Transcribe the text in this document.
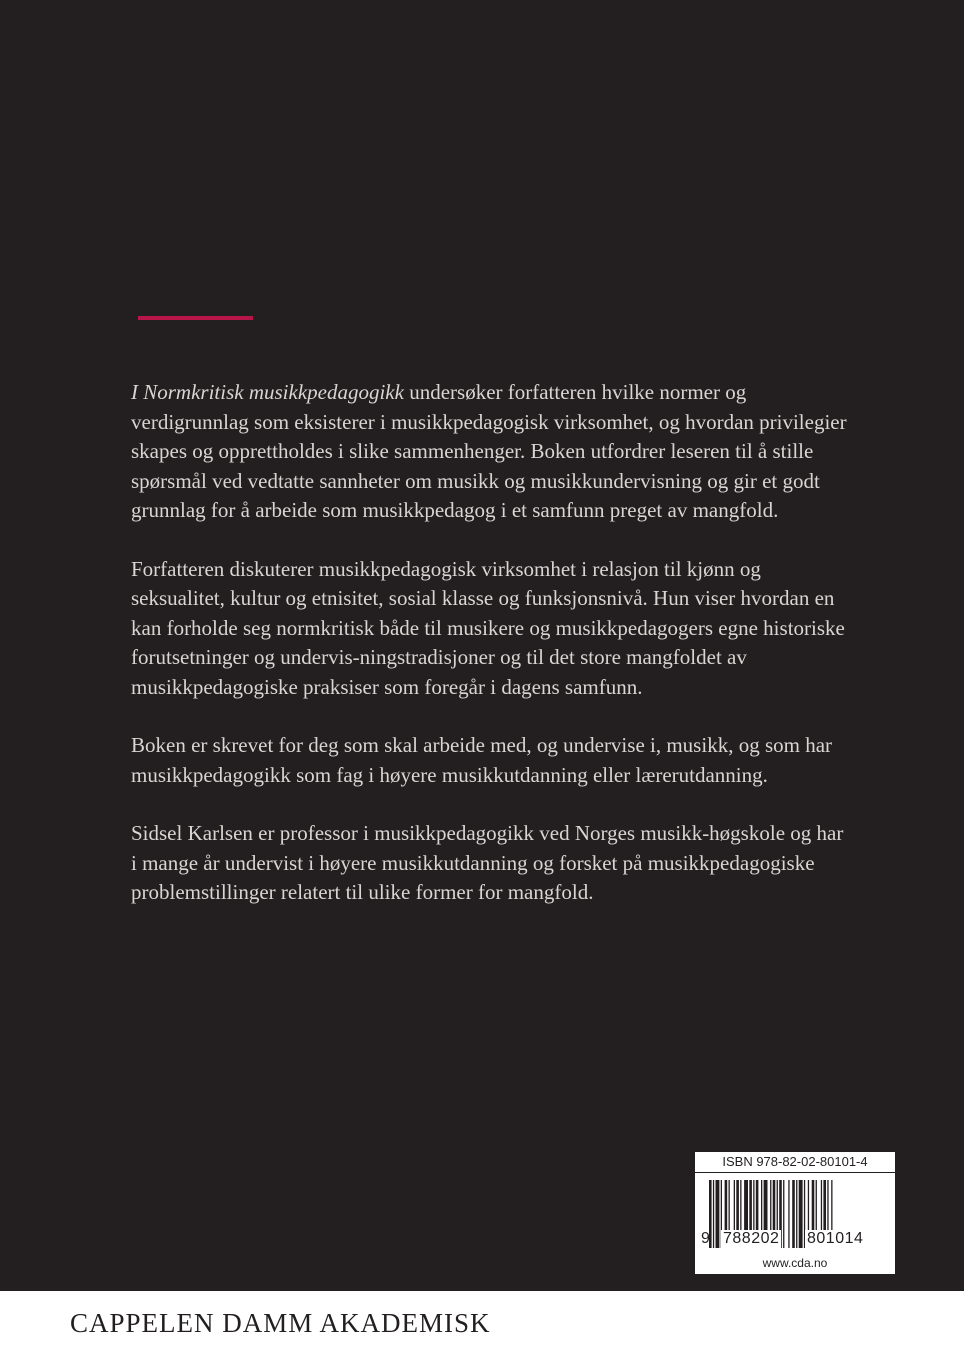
I Normkritisk musikkpedagogikk undersøker forfatteren hvilke normer og verdigrunnlag som eksisterer i musikkpedagogisk virksomhet, og hvordan privilegier skapes og opprettholdes i slike sammenhenger. Boken utfordrer leseren til å stille spørsmål ved vedtatte sannheter om musikk og musikkundervisning og gir et godt grunnlag for å arbeide som musikkpedagog i et samfunn preget av mangfold.

Forfatteren diskuterer musikkpedagogisk virksomhet i relasjon til kjønn og seksualitet, kultur og etnisitet, sosial klasse og funksjonsnivå. Hun viser hvordan en kan forholde seg normkritisk både til musikere og musikkpedagogers egne historiske forutsetninger og undervis-ningstradisjoner og til det store mangfoldet av musikkpedagogiske praksiser som foregår i dagens samfunn.

Boken er skrevet for deg som skal arbeide med, og undervise i, musikk, og som har musikkpedagogikk som fag i høyere musikkutdanning eller lærerutdanning.

Sidsel Karlsen er professor i musikkpedagogikk ved Norges musikk-høgskole og har i mange år undervist i høyere musikkutdanning og forsket på musikkpedagogiske problemstillinger relatert til ulike former for mangfold.

ISBN 978-82-02-80101-4
9 788202 801014
www.cda.no
CAPPELEN DAMM AKADEMISK
